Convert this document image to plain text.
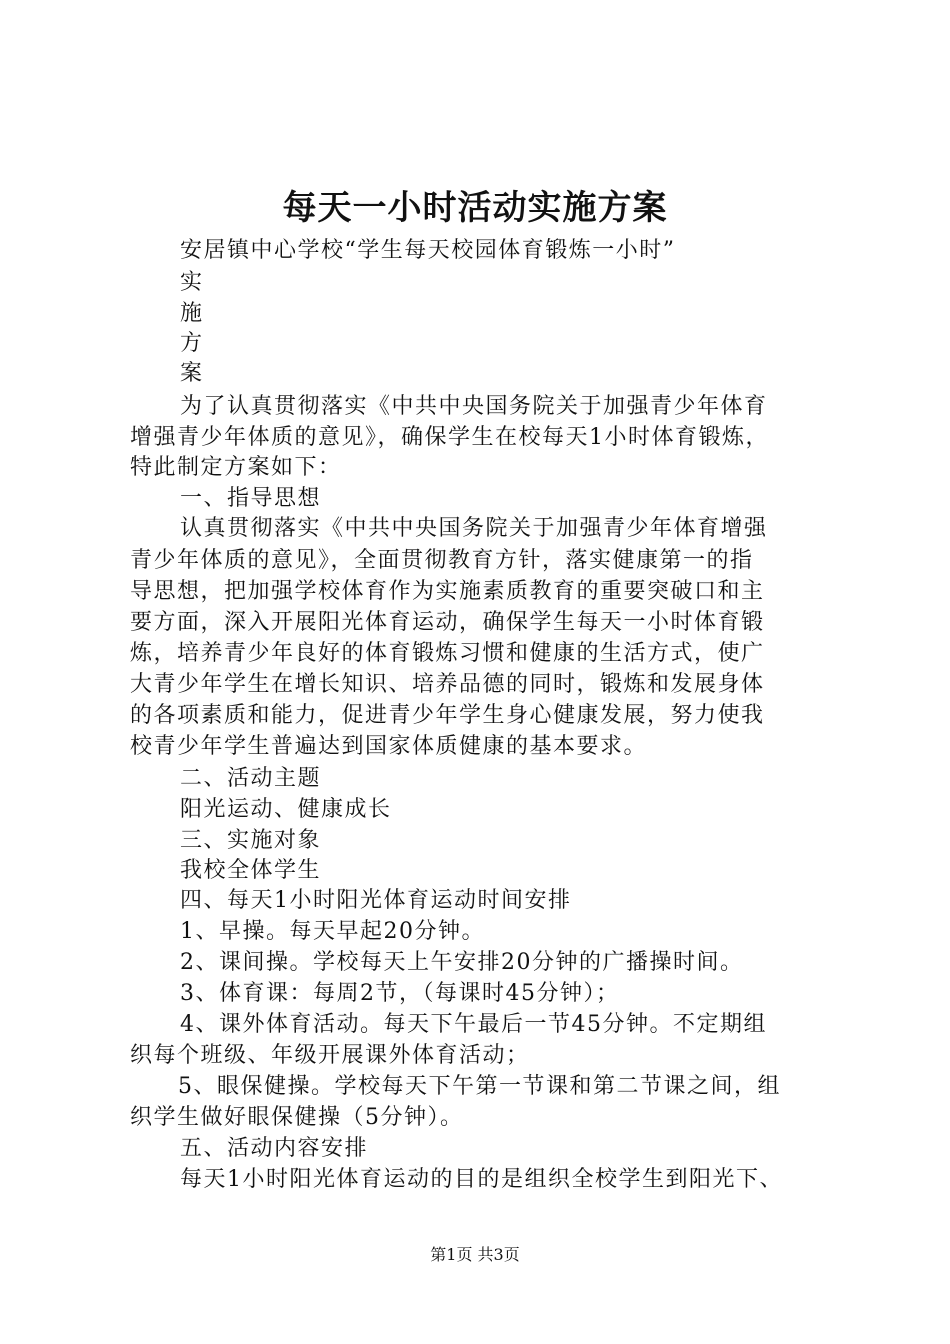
每天一小时活动实施方案
安居镇中心学校“学生每天校园体育锻炼一小时”
实
施
方
案
为了认真贯彻落实《中共中央国务院关于加强青少年体育
增强青少年体质的意见》，确保学生在校每天1小时体育锻炼，
特此制定方案如下：
一、指导思想
认真贯彻落实《中共中央国务院关于加强青少年体育增强
青少年体质的意见》，全面贯彻教育方针，落实健康第一的指
导思想，把加强学校体育作为实施素质教育的重要突破口和主
要方面，深入开展阳光体育运动，确保学生每天一小时体育锻
炼，培养青少年良好的体育锻炼习惯和健康的生活方式，使广
大青少年学生在增长知识、培养品德的同时，锻炼和发展身体
的各项素质和能力，促进青少年学生身心健康发展，努力使我
校青少年学生普遍达到国家体质健康的基本要求。
二、活动主题
阳光运动、健康成长
三、实施对象
我校全体学生
四、每天1小时阳光体育运动时间安排
1、早操。每天早起20分钟。
2、课间操。学校每天上午安排20分钟的广播操时间。
3、体育课：每周2节，（每课时45分钟）；
4、课外体育活动。每天下午最后一节45分钟。不定期组
织每个班级、年级开展课外体育活动；
5、眼保健操。学校每天下午第一节课和第二节课之间，组
织学生做好眼保健操（5分钟）。
五、活动内容安排
每天1小时阳光体育运动的目的是组织全校学生到阳光下、
第1页 共3页
